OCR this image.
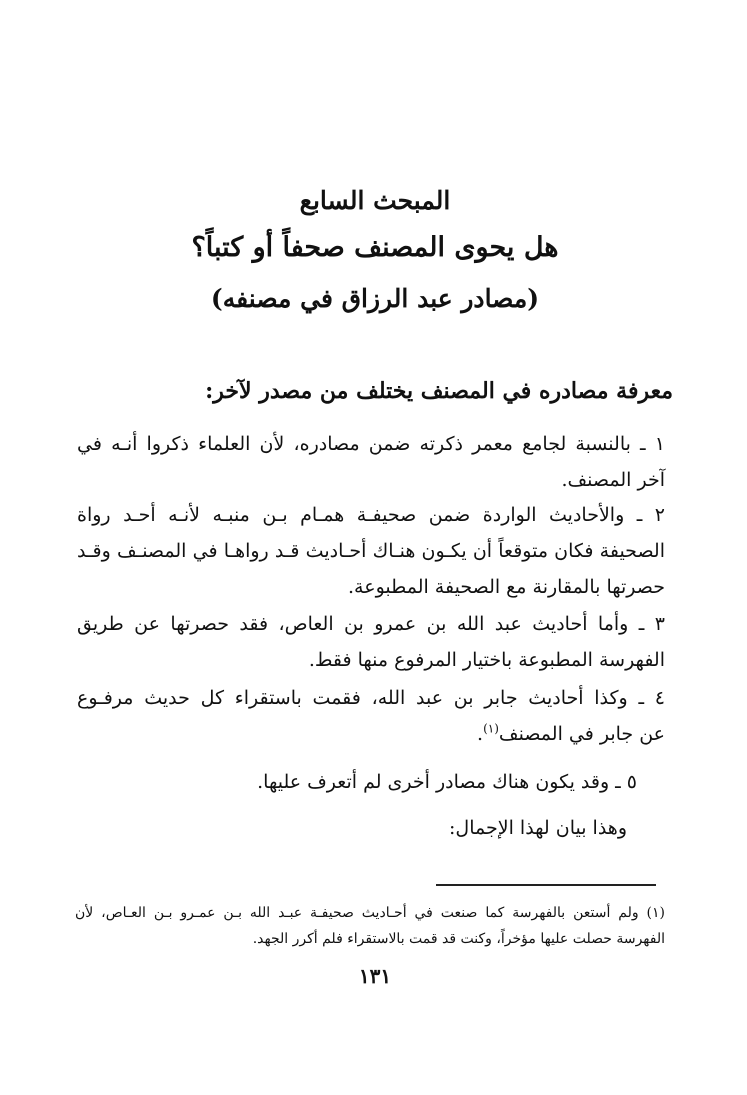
المبحث السابع
هل يحوى المصنف صحفاً أو كتباً؟
(مصادر عبد الرزاق في مصنفه)
معرفة مصادره في المصنف يختلف من مصدر لآخر:
١ ـ بالنسبة لجامع معمر ذكرته ضمن مصادره، لأن العلماء ذكروا أنـه في
آخر المصنف.
٢ ـ والأحاديث الواردة ضمن صحيفـة همـام بـن منبـه لأنـه أحـد رواة
الصحيفة فكان متوقعاً أن يكـون هنـاك أحـاديث قـد رواهـا في المصنـف وقـد
حصرتها بالمقارنة مع الصحيفة المطبوعة.
٣ ـ وأما أحاديث عبد الله بن عمرو بن العاص، فقد حصرتها عن طريق
الفهرسة المطبوعة باختيار المرفوع منها فقط.
٤ ـ وكذا أحاديث جابر بن عبد الله، فقمت باستقراء كل حديث مرفـوع
عن جابر في المصنف$^{(١)}$.
٥ ـ وقد يكون هناك مصادر أخرى لم أتعرف عليها.
وهذا بيان لهذا الإجمال:
(١) ولم أستعن بالفهرسة كما صنعت في أحـاديث صحيفـة عبـد الله بـن عمـرو بـن العـاص، لأن
الفهرسة حصلت عليها مؤخراً، وكنت قد قمت بالاستقراء فلم أكرر الجهد.
١٣١
